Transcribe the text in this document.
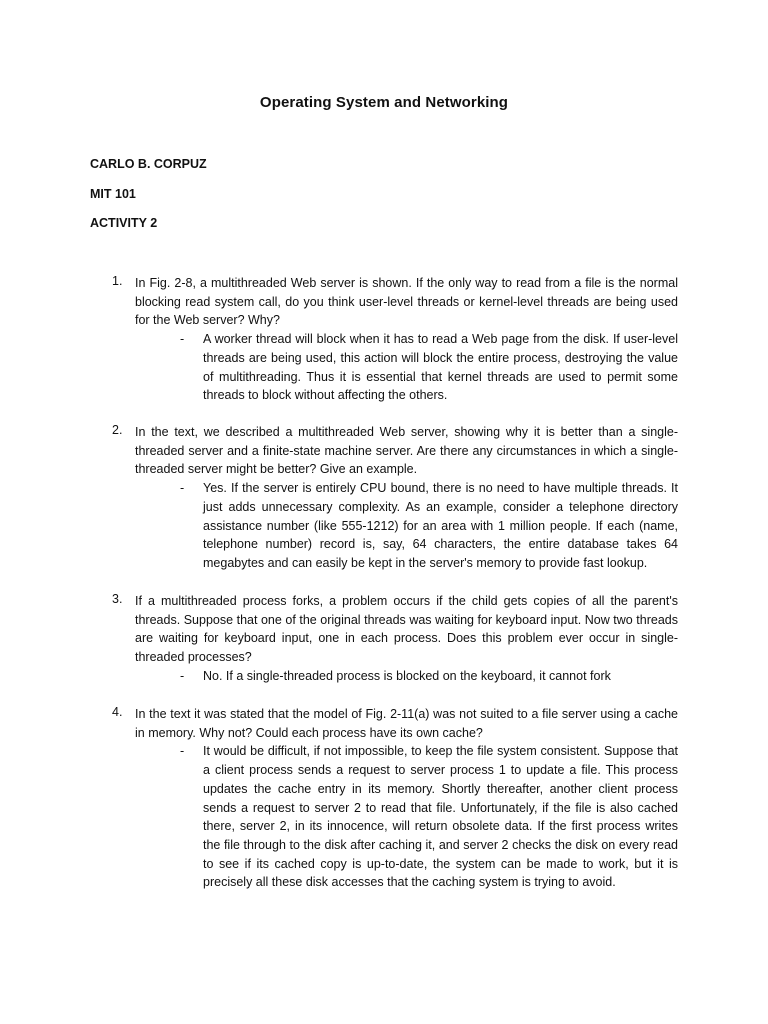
Operating System and Networking
CARLO B. CORPUZ
MIT 101
ACTIVITY 2
1. In Fig. 2-8, a multithreaded Web server is shown. If the only way to read from a file is the normal blocking read system call, do you think user-level threads or kernel-level threads are being used for the Web server? Why?
- A worker thread will block when it has to read a Web page from the disk. If user-level threads are being used, this action will block the entire process, destroying the value of multithreading. Thus it is essential that kernel threads are used to permit some threads to block without affecting the others.
2. In the text, we described a multithreaded Web server, showing why it is better than a single-threaded server and a finite-state machine server. Are there any circumstances in which a single-threaded server might be better? Give an example.
- Yes. If the server is entirely CPU bound, there is no need to have multiple threads. It just adds unnecessary complexity. As an example, consider a telephone directory assistance number (like 555-1212) for an area with 1 million people. If each (name, telephone number) record is, say, 64 characters, the entire database takes 64 megabytes and can easily be kept in the server's memory to provide fast lookup.
3. If a multithreaded process forks, a problem occurs if the child gets copies of all the parent's threads. Suppose that one of the original threads was waiting for keyboard input. Now two threads are waiting for keyboard input, one in each process. Does this problem ever occur in single-threaded processes?
- No. If a single-threaded process is blocked on the keyboard, it cannot fork
4. In the text it was stated that the model of Fig. 2-11(a) was not suited to a file server using a cache in memory. Why not? Could each process have its own cache?
- It would be difficult, if not impossible, to keep the file system consistent. Suppose that a client process sends a request to server process 1 to update a file. This process updates the cache entry in its memory. Shortly thereafter, another client process sends a request to server 2 to read that file. Unfortunately, if the file is also cached there, server 2, in its innocence, will return obsolete data. If the first process writes the file through to the disk after caching it, and server 2 checks the disk on every read to see if its cached copy is up-to-date, the system can be made to work, but it is precisely all these disk accesses that the caching system is trying to avoid.
